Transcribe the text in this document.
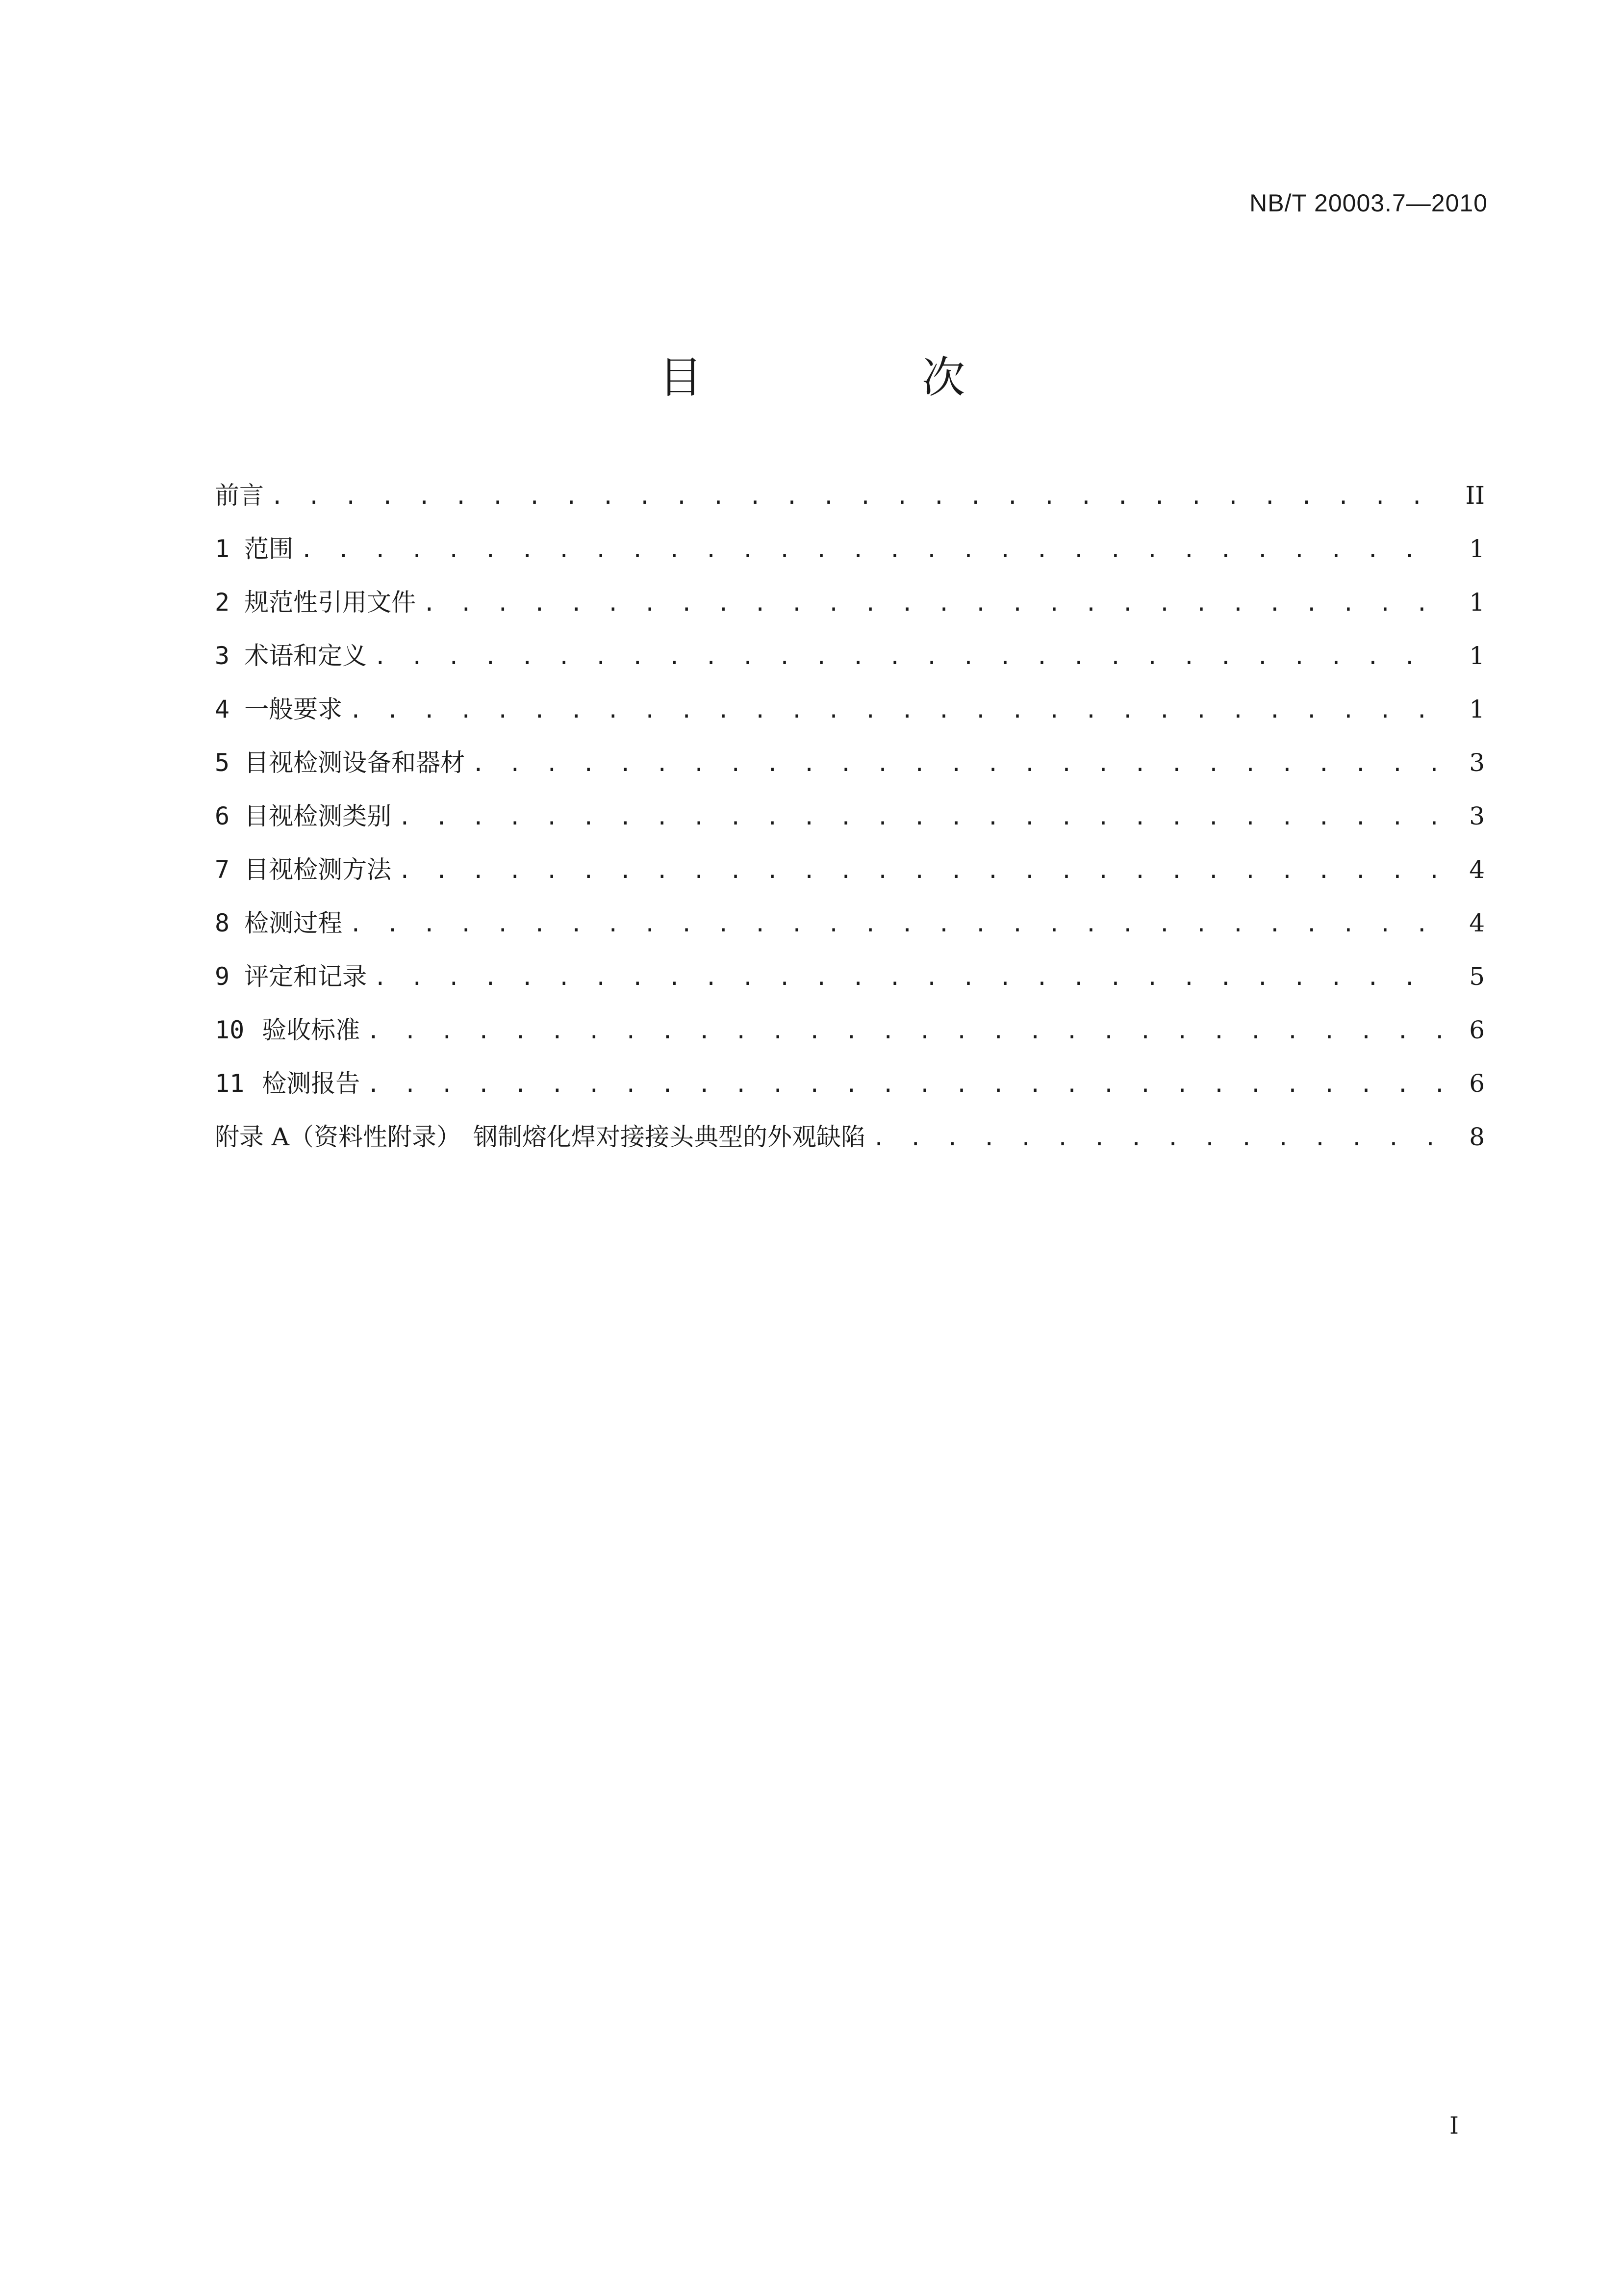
NB/T 20003.7—2010
目　次
前言 . . .	II
1 范围 . . .	1
2 规范性引用文件 . . .	1
3 术语和定义 . . .	1
4 一般要求 . . .	1
5 目视检测设备和器材 . . .	3
6 目视检测类别 . . .	3
7 目视检测方法 . . .	4
8 检测过程 . . .	4
9 评定和记录 . . .	5
10 验收标准 . . .	6
11 检测报告 . . .	6
附录 A（资料性附录）　钢制熔化焊对接接头典型的外观缺陷 . . .	8
I
